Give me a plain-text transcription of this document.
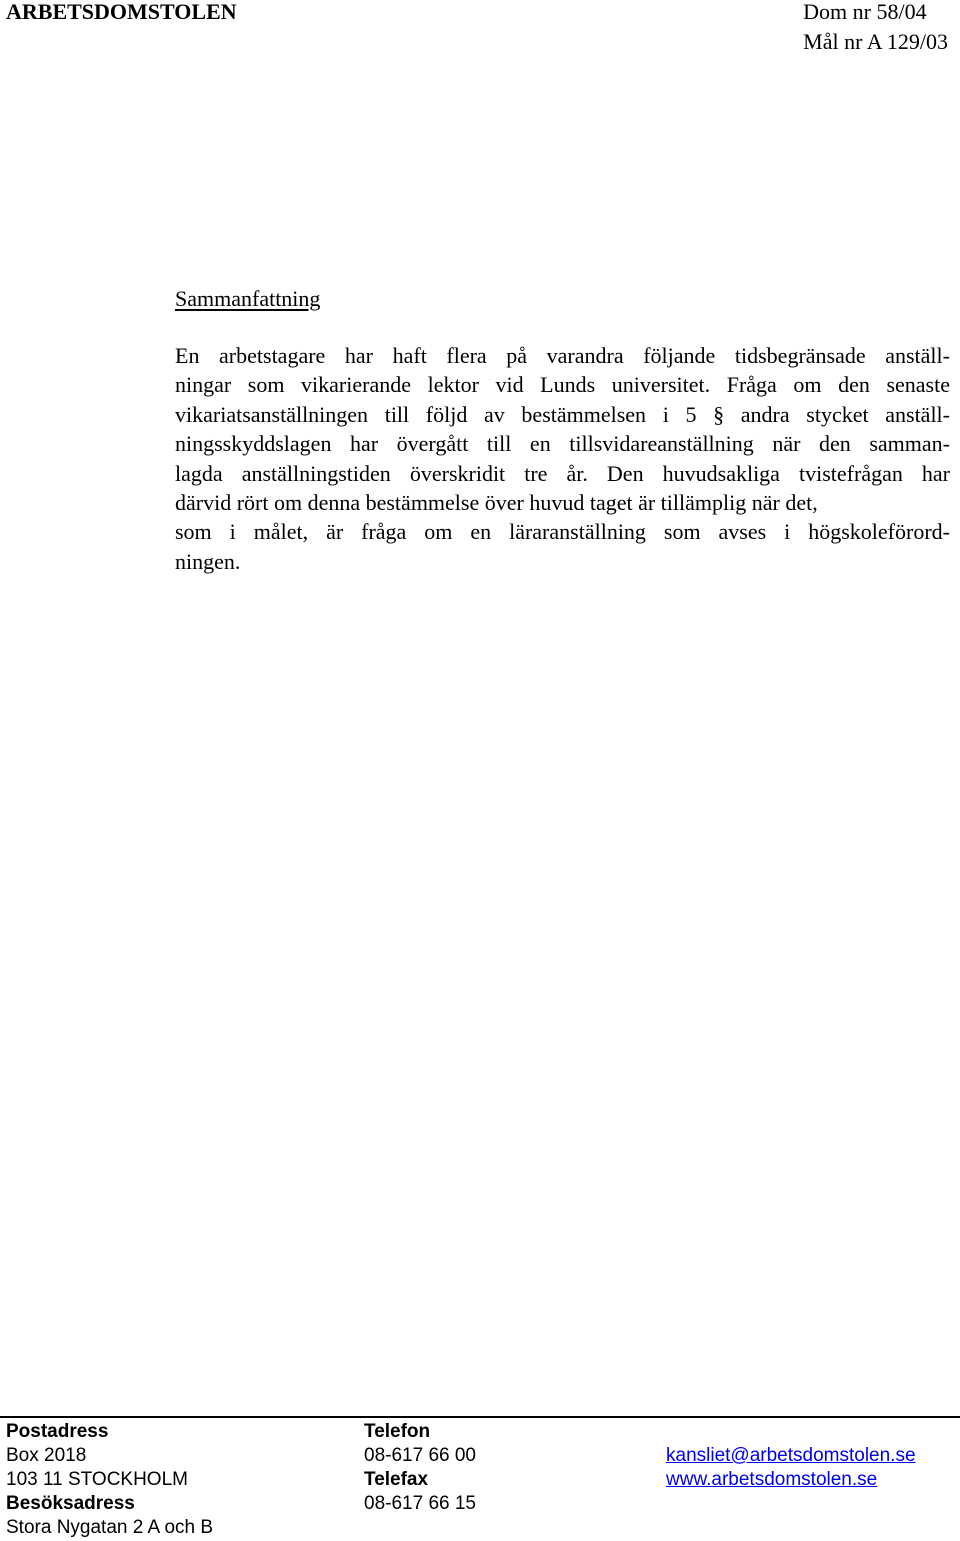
ARBETSDOMSTOLEN	Dom nr 58/04
Mål nr A 129/03
Sammanfattning

En arbetstagare har haft flera på varandra följande tidsbegränsade anställ-
ningar som vikarierande lektor vid Lunds universitet. Fråga om den senaste
vikariatsanställningen till följd av bestämmelsen i 5 § andra stycket anställ-
ningsskyddslagen har övergått till en tillsvidareanställning när den samman-
lagda anställningstiden överskridit tre år. Den huvudsakliga tvistefrågan har
därvid rört om denna bestämmelse över huvud taget är tillämplig när det,
som i målet, är fråga om en läraranställning som avses i högskoleförord-
ningen.

Postadress
Box 2018
103 11 STOCKHOLM
Besöksadress
Stora Nygatan 2 A och B
Telefon
08-617 66 00
Telefax
08-617 66 15
kansliet@arbetsdomstolen.se
www.arbetsdomstolen.se
